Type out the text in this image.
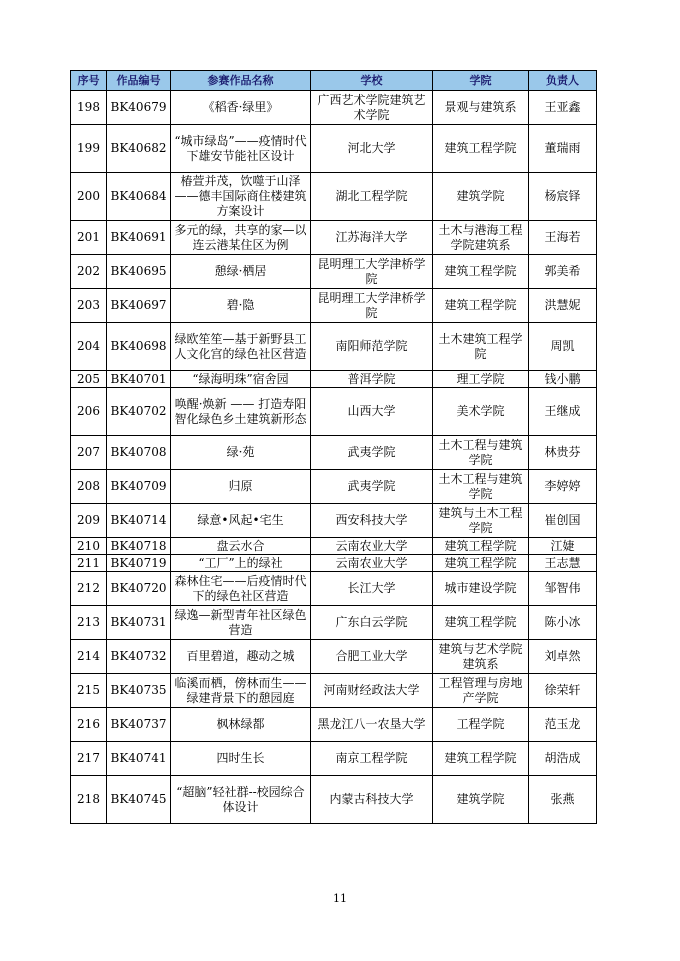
序号	作品编号	参赛作品名称	学校	学院	负责人
198	BK40679	《稻香·绿里》	广西艺术学院建筑艺术学院	景观与建筑系	王亚鑫
199	BK40682	“城市绿岛”——疫情时代下雄安节能社区设计	河北大学	建筑工程学院	董瑞雨
200	BK40684	椿萱并茂，饮噬于山泽——德丰国际商住楼建筑方案设计	湖北工程学院	建筑学院	杨宸铎
201	BK40691	多元的绿，共享的家—以连云港某住区为例	江苏海洋大学	土木与港海工程学院建筑系	王海若
202	BK40695	憩绿·栖居	昆明理工大学津桥学院	建筑工程学院	郭美希
203	BK40697	碧·隐	昆明理工大学津桥学院	建筑工程学院	洪慧妮
204	BK40698	绿欧笙笙—基于新野县工人文化宫的绿色社区营造	南阳师范学院	土木建筑工程学院	周凯
205	BK40701	“绿海明珠”宿舍园	普洱学院	理工学院	钱小鹏
206	BK40702	唤醒·焕新 —— 打造寿阳智化绿色乡土建筑新形态	山西大学	美术学院	王继成
207	BK40708	绿·苑	武夷学院	土木工程与建筑学院	林贵芬
208	BK40709	归原	武夷学院	土木工程与建筑学院	李婷婷
209	BK40714	绿意•风起•宅生	西安科技大学	建筑与土木工程学院	崔创国
210	BK40718	盘云水合	云南农业大学	建筑工程学院	江婕
211	BK40719	“工厂”上的绿社	云南农业大学	建筑工程学院	王志慧
212	BK40720	森林住宅——后疫情时代下的绿色社区营造	长江大学	城市建设学院	邹智伟
213	BK40731	绿逸—新型青年社区绿色营造	广东白云学院	建筑工程学院	陈小冰
214	BK40732	百里碧道，趣动之城	合肥工业大学	建筑与艺术学院建筑系	刘卓然
215	BK40735	临溪而栖，傍林而生——绿建背景下的憩园庭	河南财经政法大学	工程管理与房地产学院	徐荣轩
216	BK40737	枫林绿都	黑龙江八一农垦大学	工程学院	范玉龙
217	BK40741	四时生长	南京工程学院	建筑工程学院	胡浩成
218	BK40745	“超脑”轻社群--校园综合体设计	内蒙古科技大学	建筑学院	张燕
11
